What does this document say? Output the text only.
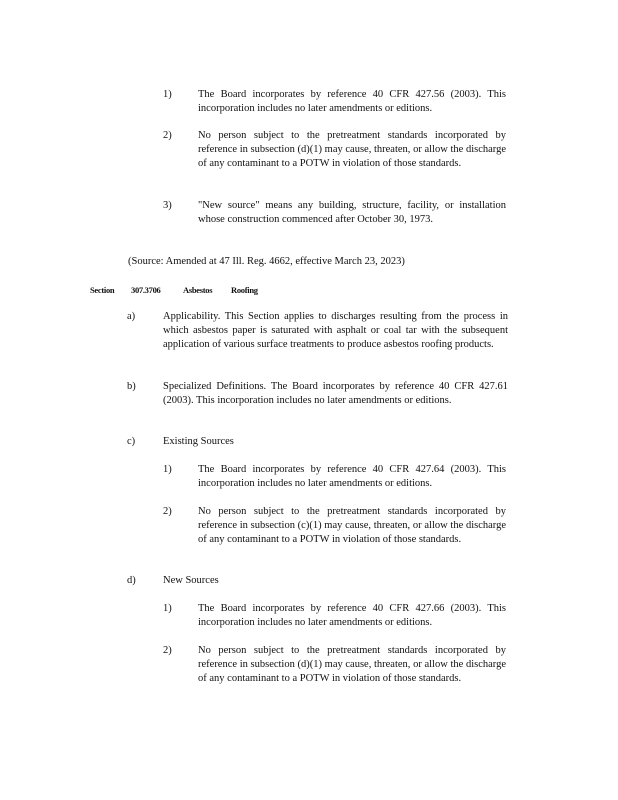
1)	The Board incorporates by reference 40 CFR 427.56 (2003). This incorporation includes no later amendments or editions.
2)	No person subject to the pretreatment standards incorporated by reference in subsection (d)(1) may cause, threaten, or allow the discharge of any contaminant to a POTW in violation of those standards.
3)	"New source" means any building, structure, facility, or installation whose construction commenced after October 30, 1973.
(Source: Amended at 47 Ill. Reg. 4662, effective March 23, 2023)
Section 307.3706	Asbestos Roofing
a)	Applicability. This Section applies to discharges resulting from the process in which asbestos paper is saturated with asphalt or coal tar with the subsequent application of various surface treatments to produce asbestos roofing products.
b)	Specialized Definitions. The Board incorporates by reference 40 CFR 427.61 (2003). This incorporation includes no later amendments or editions.
c)	Existing Sources
1)	The Board incorporates by reference 40 CFR 427.64 (2003). This incorporation includes no later amendments or editions.
2)	No person subject to the pretreatment standards incorporated by reference in subsection (c)(1) may cause, threaten, or allow the discharge of any contaminant to a POTW in violation of those standards.
d)	New Sources
1)	The Board incorporates by reference 40 CFR 427.66 (2003). This incorporation includes no later amendments or editions.
2)	No person subject to the pretreatment standards incorporated by reference in subsection (d)(1) may cause, threaten, or allow the discharge of any contaminant to a POTW in violation of those standards.
